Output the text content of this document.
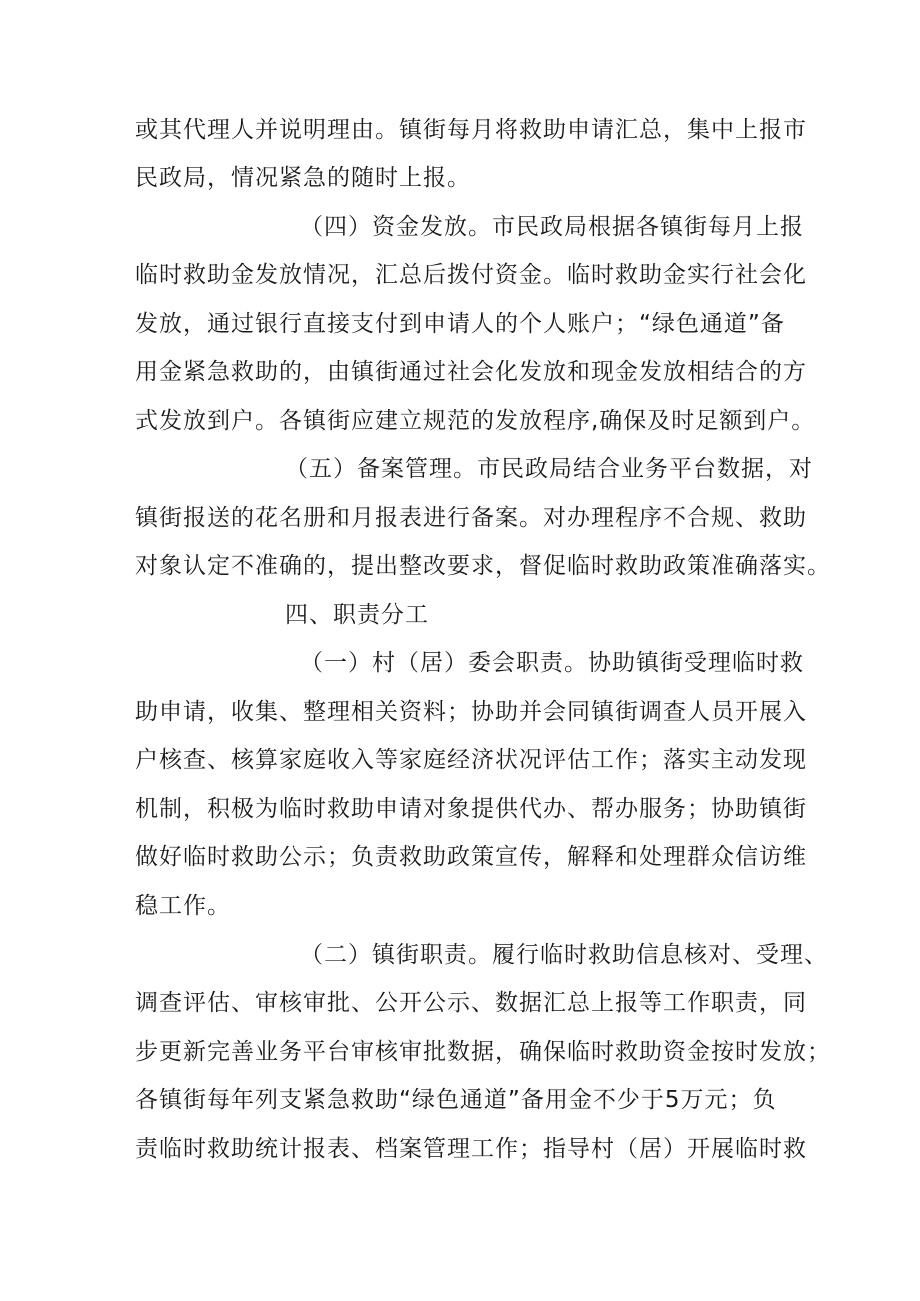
或其代理人并说明理由。镇街每月将救助申请汇总，集中上报市
民政局，情况紧急的随时上报。
（四）资金发放。市民政局根据各镇街每月上报
临时救助金发放情况，汇总后拨付资金。临时救助金实行社会化
发放，通过银行直接支付到申请人的个人账户；“绿色通道”备
用金紧急救助的，由镇街通过社会化发放和现金发放相结合的方
式发放到户。各镇街应建立规范的发放程序,确保及时足额到户。
（五）备案管理。市民政局结合业务平台数据，对
镇街报送的花名册和月报表进行备案。对办理程序不合规、救助
对象认定不准确的，提出整改要求，督促临时救助政策准确落实。
四、职责分工
（一）村（居）委会职责。协助镇街受理临时救
助申请，收集、整理相关资料；协助并会同镇街调查人员开展入
户核查、核算家庭收入等家庭经济状况评估工作；落实主动发现
机制，积极为临时救助申请对象提供代办、帮办服务；协助镇街
做好临时救助公示；负责救助政策宣传，解释和处理群众信访维
稳工作。
（二）镇街职责。履行临时救助信息核对、受理、
调查评估、审核审批、公开公示、数据汇总上报等工作职责，同
步更新完善业务平台审核审批数据，确保临时救助资金按时发放；
各镇街每年列支紧急救助“绿色通道”备用金不少于5万元；负
责临时救助统计报表、档案管理工作；指导村（居）开展临时救
